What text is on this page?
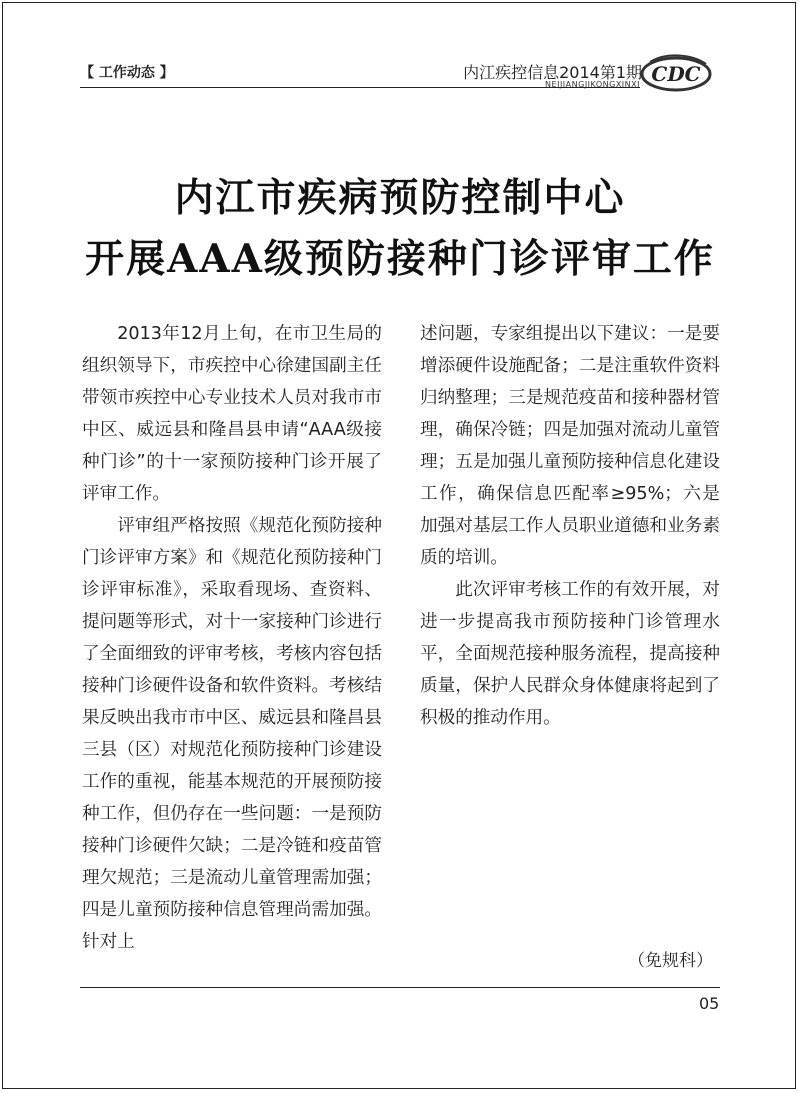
【 工作动态 】	内江疾控信息2014第1期
NEIJIANGJIKONGXINXI CDC
内江市疾病预防控制中心
开展AAA级预防接种门诊评审工作

2013年12月上旬，在市卫生局的组织领导下，市疾控中心徐建国副主任带领市疾控中心专业技术人员对我市市中区、威远县和隆昌县申请“AAA级接种门诊”的十一家预防接种门诊开展了评审工作。

评审组严格按照《规范化预防接种门诊评审方案》和《规范化预防接种门诊评审标准》，采取看现场、查资料、提问题等形式，对十一家接种门诊进行了全面细致的评审考核，考核内容包括接种门诊硬件设备和软件资料。考核结果反映出我市市中区、威远县和隆昌县三县（区）对规范化预防接种门诊建设工作的重视，能基本规范的开展预防接种工作，但仍存在一些问题：一是预防接种门诊硬件欠缺；二是冷链和疫苗管理欠规范；三是流动儿童管理需加强；四是儿童预防接种信息管理尚需加强。针对上

述问题，专家组提出以下建议：一是要增添硬件设施配备；二是注重软件资料归纳整理；三是规范疫苗和接种器材管理，确保冷链；四是加强对流动儿童管理；五是加强儿童预防接种信息化建设工作，确保信息匹配率≥95%；六是加强对基层工作人员职业道德和业务素质的培训。

此次评审考核工作的有效开展，对进一步提高我市预防接种门诊管理水平，全面规范接种服务流程，提高接种质量，保护人民群众身体健康将起到了积极的推动作用。

（免规科）
05
